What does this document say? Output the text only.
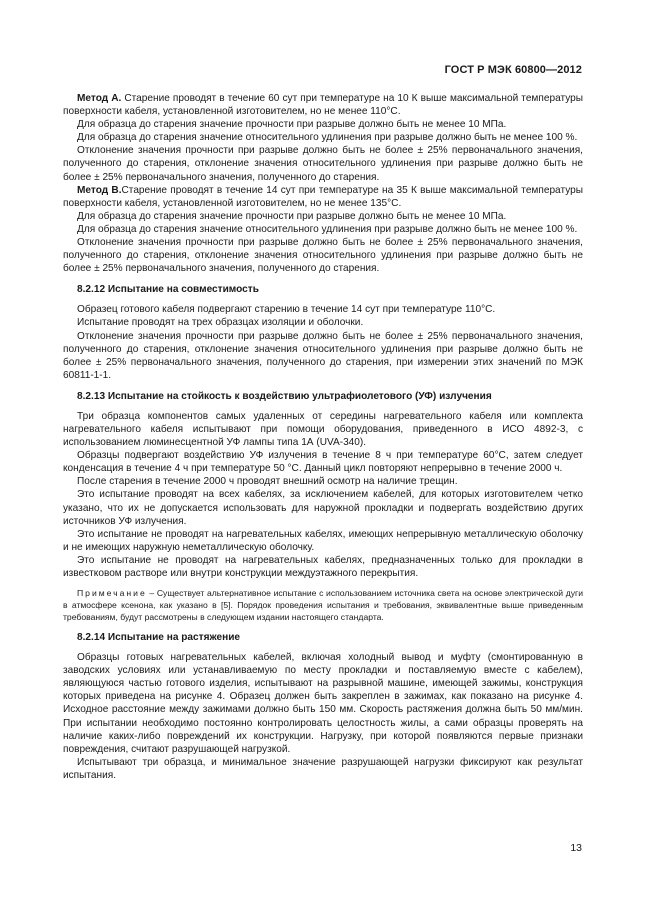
ГОСТ Р МЭК 60800—2012

Метод А. Старение проводят в течение 60 сут при температуре на 10 К выше максимальной температуры поверхности кабеля, установленной изготовителем, но не менее 110°С.

Для образца до старения значение прочности при разрыве должно быть не менее 10 МПа.

Для образца до старения значение относительного удлинения при разрыве должно быть не менее 100 %.

Отклонение значения прочности при разрыве должно быть не более ± 25% первоначального значения, полученного до старения, отклонение значения относительного удлинения при разрыве должно быть не более ± 25% первоначального значения, полученного до старения.

Метод В.Старение проводят в течение 14 сут при температуре на 35 К выше максимальной температуры поверхности кабеля, установленной изготовителем, но не менее 135°С.

Для образца до старения значение прочности при разрыве должно быть не менее 10 МПа.

Для образца до старения значение относительного удлинения при разрыве должно быть не менее 100 %.

Отклонение значения прочности при разрыве должно быть не более ± 25% первоначального значения, полученного до старения, отклонение значения относительного удлинения при разрыве должно быть не более ± 25% первоначального значения, полученного до старения.

8.2.12 Испытание на совместимость

Образец готового кабеля подвергают старению в течение 14 сут при температуре 110°С.

Испытание проводят на трех образцах изоляции и оболочки.

Отклонение значения прочности при разрыве должно быть не более ± 25% первоначального значения, полученного до старения, отклонение значения относительного удлинения при разрыве должно быть не более ± 25% первоначального значения, полученного до старения, при измерении этих значений по МЭК 60811-1-1.

8.2.13 Испытание на стойкость к воздействию ультрафиолетового (УФ) излучения

Три образца компонентов самых удаленных от середины нагревательного кабеля или комплекта нагревательного кабеля испытывают при помощи оборудования, приведенного в ИСО 4892-3, с использованием люминесцентной УФ лампы типа 1А (UVA-340).

Образцы подвергают воздействию УФ излучения в течение 8 ч при температуре 60°С, затем следует конденсация в течение 4 ч при температуре 50 °С. Данный цикл повторяют непрерывно в течение 2000 ч.

После старения в течение 2000 ч проводят внешний осмотр на наличие трещин.

Это испытание проводят на всех кабелях, за исключением кабелей, для которых изготовителем четко указано, что их не допускается использовать для наружной прокладки и подвергать воздействию других источников УФ излучения.

Это испытание не проводят на нагревательных кабелях, имеющих непрерывную металлическую оболочку и не имеющих наружную неметаллическую оболочку.

Это испытание не проводят на нагревательных кабелях, предназначенных только для прокладки в известковом растворе или внутри конструкции междуэтажного перекрытия.

Примечание – Существует альтернативное испытание с использованием источника света на основе электрической дуги в атмосфере ксенона, как указано в [5]. Порядок проведения испытания и требования, эквивалентные выше приведенным требованиям, будут рассмотрены в следующем издании настоящего стандарта.

8.2.14 Испытание на растяжение

Образцы готовых нагревательных кабелей, включая холодный вывод и муфту (смонтированную в заводских условиях или устанавливаемую по месту прокладки и поставляемую вместе с кабелем), являющуюся частью готового изделия, испытывают на разрывной машине, имеющей зажимы, конструкция которых приведена на рисунке 4. Образец должен быть закреплен в зажимах, как показано на рисунке 4. Исходное расстояние между зажимами должно быть 150 мм. Скорость растяжения должна быть 50 мм/мин. При испытании необходимо постоянно контролировать целостность жилы, а сами образцы проверять на наличие каких-либо повреждений их конструкции. Нагрузку, при которой появляются первые признаки повреждения, считают разрушающей нагрузкой.

Испытывают три образца, и минимальное значение разрушающей нагрузки фиксируют как результат испытания.

13
